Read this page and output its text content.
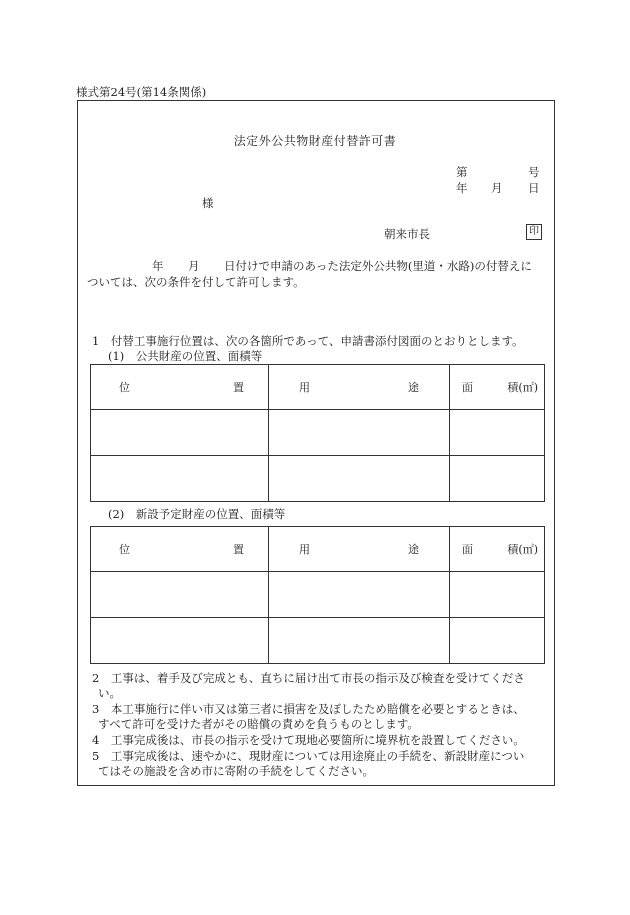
様式第24号(第14条関係)
法定外公共物財産付替許可書
第	号
年 月 日
様
朝来市長	印
年 月 日付けで申請のあった法定外公共物(里道・水路)の付替えに
ついては、次の条件を付して許可します。
1　付替工事施行位置は、次の各箇所であって、申請書添付図面のとおりとします。
(1)　公共財産の位置、面積等
位 置	用 途	面 積(㎡)

(2)　新設予定財産の位置、面積等
位 置	用 途	面 積(㎡)

2　工事は、着手及び完成とも、直ちに届け出て市長の指示及び検査を受けてくださ
い。
3　本工事施行に伴い市又は第三者に損害を及ぼしたため賠償を必要とするときは、
すべて許可を受けた者がその賠償の責めを負うものとします。
4　工事完成後は、市長の指示を受けて現地必要箇所に境界杭を設置してください。
5　工事完成後は、速やかに、現財産については用途廃止の手続を、新設財産につい
てはその施設を含め市に寄附の手続をしてください。
